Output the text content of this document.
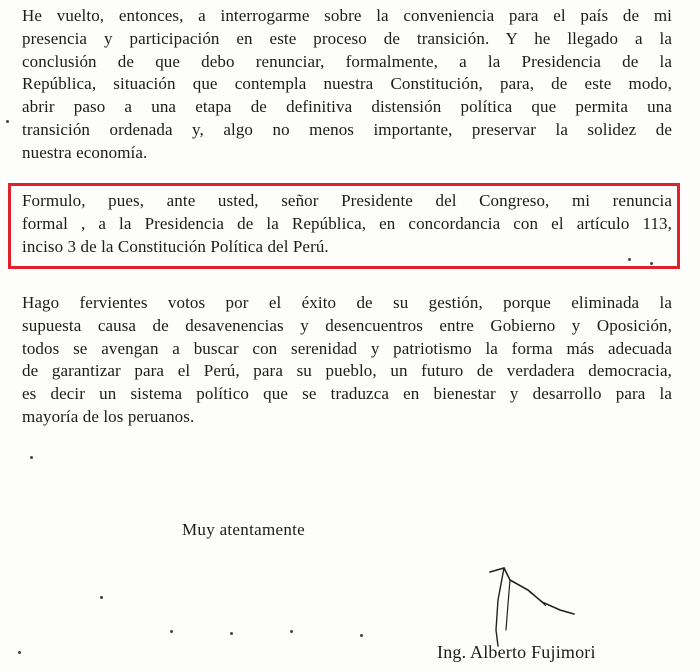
He vuelto, entonces, a interrogarme sobre la conveniencia para el país de mi
presencia y participación en este proceso de transición. Y he llegado a la
conclusión de que debo renunciar, formalmente, a la Presidencia de la
República, situación que contempla nuestra Constitución, para, de este modo,
abrir paso a una etapa de definitiva distensión política que permita una
transición ordenada y, algo no menos importante, preservar la solidez de
nuestra economía.
Formulo, pues, ante usted, señor Presidente del Congreso, mi renuncia
formal , a la Presidencia de la República, en concordancia con el artículo 113,
inciso 3 de la Constitución Política del Perú.
Hago fervientes votos por el éxito de su gestión, porque eliminada la
supuesta causa de desavenencias y desencuentros entre Gobierno y Oposición,
todos se avengan a buscar con serenidad y patriotismo la forma más adecuada
de garantizar para el Perú, para su pueblo, un futuro de verdadera democracia,
es decir un sistema político que se traduzca en bienestar y desarrollo para la
mayoría de los peruanos.
Muy atentamente
Ing. Alberto Fujimori
